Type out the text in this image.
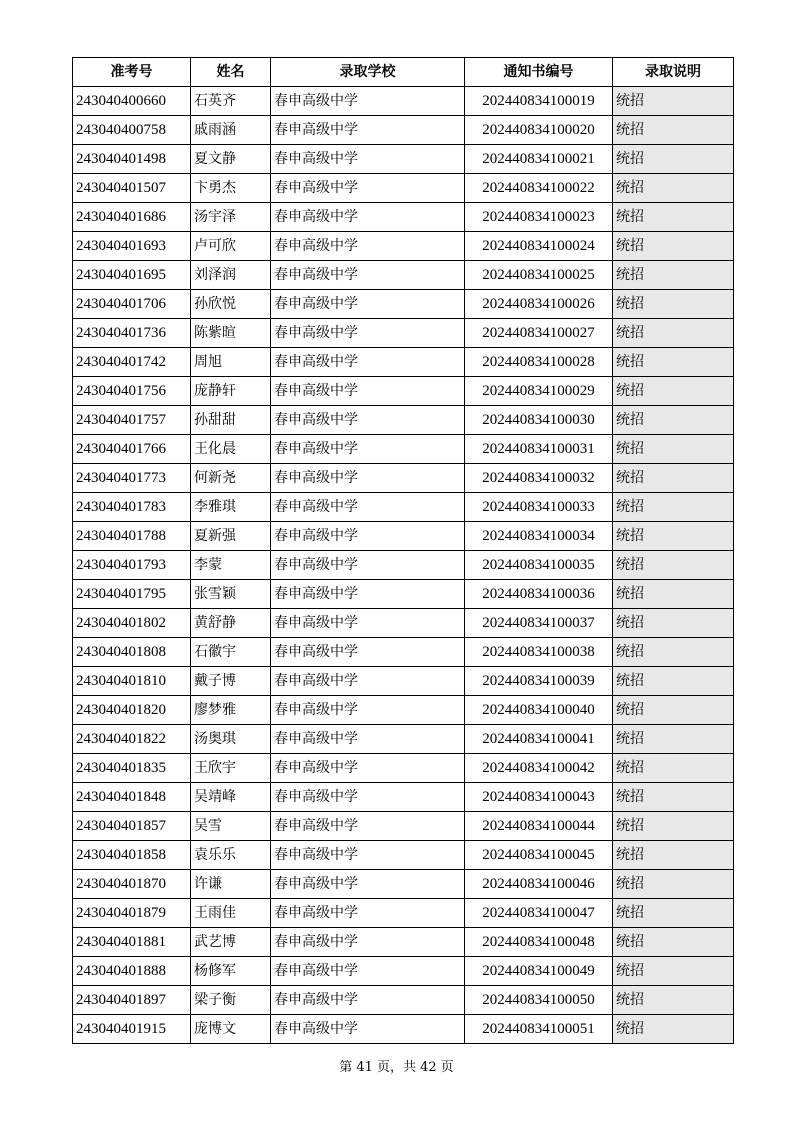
准考号	姓名	录取学校	通知书编号	录取说明
243040400660	石英齐	春申高级中学	202440834100019	统招
243040400758	戚雨涵	春申高级中学	202440834100020	统招
243040401498	夏文静	春申高级中学	202440834100021	统招
243040401507	卞勇杰	春申高级中学	202440834100022	统招
243040401686	汤宇泽	春申高级中学	202440834100023	统招
243040401693	卢可欣	春申高级中学	202440834100024	统招
243040401695	刘泽润	春申高级中学	202440834100025	统招
243040401706	孙欣悦	春申高级中学	202440834100026	统招
243040401736	陈紫暄	春申高级中学	202440834100027	统招
243040401742	周旭	春申高级中学	202440834100028	统招
243040401756	庞静轩	春申高级中学	202440834100029	统招
243040401757	孙甜甜	春申高级中学	202440834100030	统招
243040401766	王化晨	春申高级中学	202440834100031	统招
243040401773	何新尧	春申高级中学	202440834100032	统招
243040401783	李雅琪	春申高级中学	202440834100033	统招
243040401788	夏新强	春申高级中学	202440834100034	统招
243040401793	李蒙	春申高级中学	202440834100035	统招
243040401795	张雪颖	春申高级中学	202440834100036	统招
243040401802	黄舒静	春申高级中学	202440834100037	统招
243040401808	石徽宇	春申高级中学	202440834100038	统招
243040401810	戴子博	春申高级中学	202440834100039	统招
243040401820	廖梦雅	春申高级中学	202440834100040	统招
243040401822	汤奥琪	春申高级中学	202440834100041	统招
243040401835	王欣宇	春申高级中学	202440834100042	统招
243040401848	吴靖峰	春申高级中学	202440834100043	统招
243040401857	吴雪	春申高级中学	202440834100044	统招
243040401858	袁乐乐	春申高级中学	202440834100045	统招
243040401870	许谦	春申高级中学	202440834100046	统招
243040401879	王雨佳	春申高级中学	202440834100047	统招
243040401881	武艺博	春申高级中学	202440834100048	统招
243040401888	杨修军	春申高级中学	202440834100049	统招
243040401897	梁子衡	春申高级中学	202440834100050	统招
243040401915	庞博文	春申高级中学	202440834100051	统招
第 41 页，共 42 页
